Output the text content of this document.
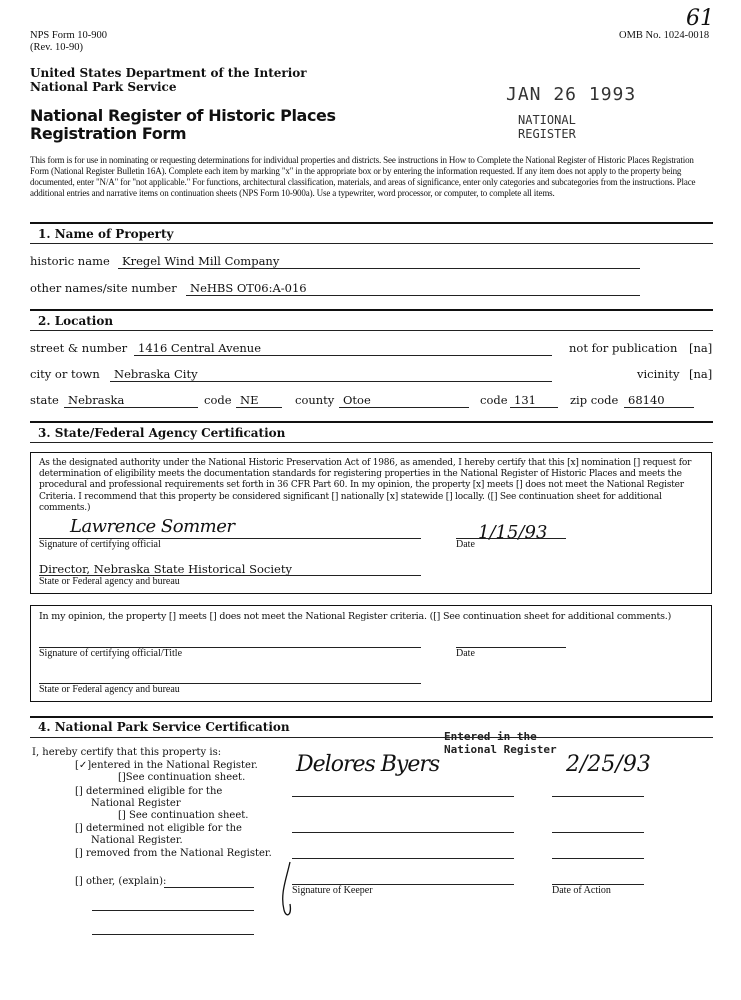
NPS Form 10-900
(Rev. 10-90)
OMB No. 1024-0018
61
United States Department of the Interior
National Park Service
National Register of Historic Places
Registration Form
JAN 26 1993
NATIONAL
REGISTER
This form is for use in nominating or requesting determinations for individual properties and districts. See instructions in How to Complete the National Register of Historic Places Registration Form (National Register Bulletin 16A). Complete each item by marking "x" in the appropriate box or by entering the information requested. If any item does not apply to the property being documented, enter "N/A" for "not applicable." For functions, architectural classification, materials, and areas of significance, enter only categories and subcategories from the instructions. Place additional entries and narrative items on continuation sheets (NPS Form 10-900a). Use a typewriter, word processor, or computer, to complete all items.
1. Name of Property
historic name Kregel Wind Mill Company
other names/site number NeHBS OT06:A-016
2. Location
street & number 1416 Central Avenue	not for publication [na]
city or town Nebraska City	vicinity [na]
state Nebraska	code NE	county Otoe	code 131	zip code 68140
3. State/Federal Agency Certification
As the designated authority under the National Historic Preservation Act of 1986, as amended, I hereby certify that this [x] nomination [] request for determination of eligibility meets the documentation standards for registering properties in the National Register of Historic Places and meets the procedural and professional requirements set forth in 36 CFR Part 60. In my opinion, the property [x] meets [] does not meet the National Register Criteria. I recommend that this property be considered significant [] nationally [x] statewide [] locally. ([] See continuation sheet for additional comments.)
Lawrence Sommer
Signature of certifying official
1/15/93
Date
Director, Nebraska State Historical Society
State or Federal agency and bureau
In my opinion, the property [] meets [] does not meet the National Register criteria. ([] See continuation sheet for additional comments.)
Signature of certifying official/Title	Date
State or Federal agency and bureau
4. National Park Service Certification
I, hereby certify that this property is:
[✓]entered in the National Register.
[]See continuation sheet.
[] determined eligible for the
National Register
[] See continuation sheet.
[] determined not eligible for the
National Register.
[] removed from the National Register.
[] other, (explain):
Delores Byers
Entered in the
National Register
2/25/93
Signature of Keeper	Date of Action
